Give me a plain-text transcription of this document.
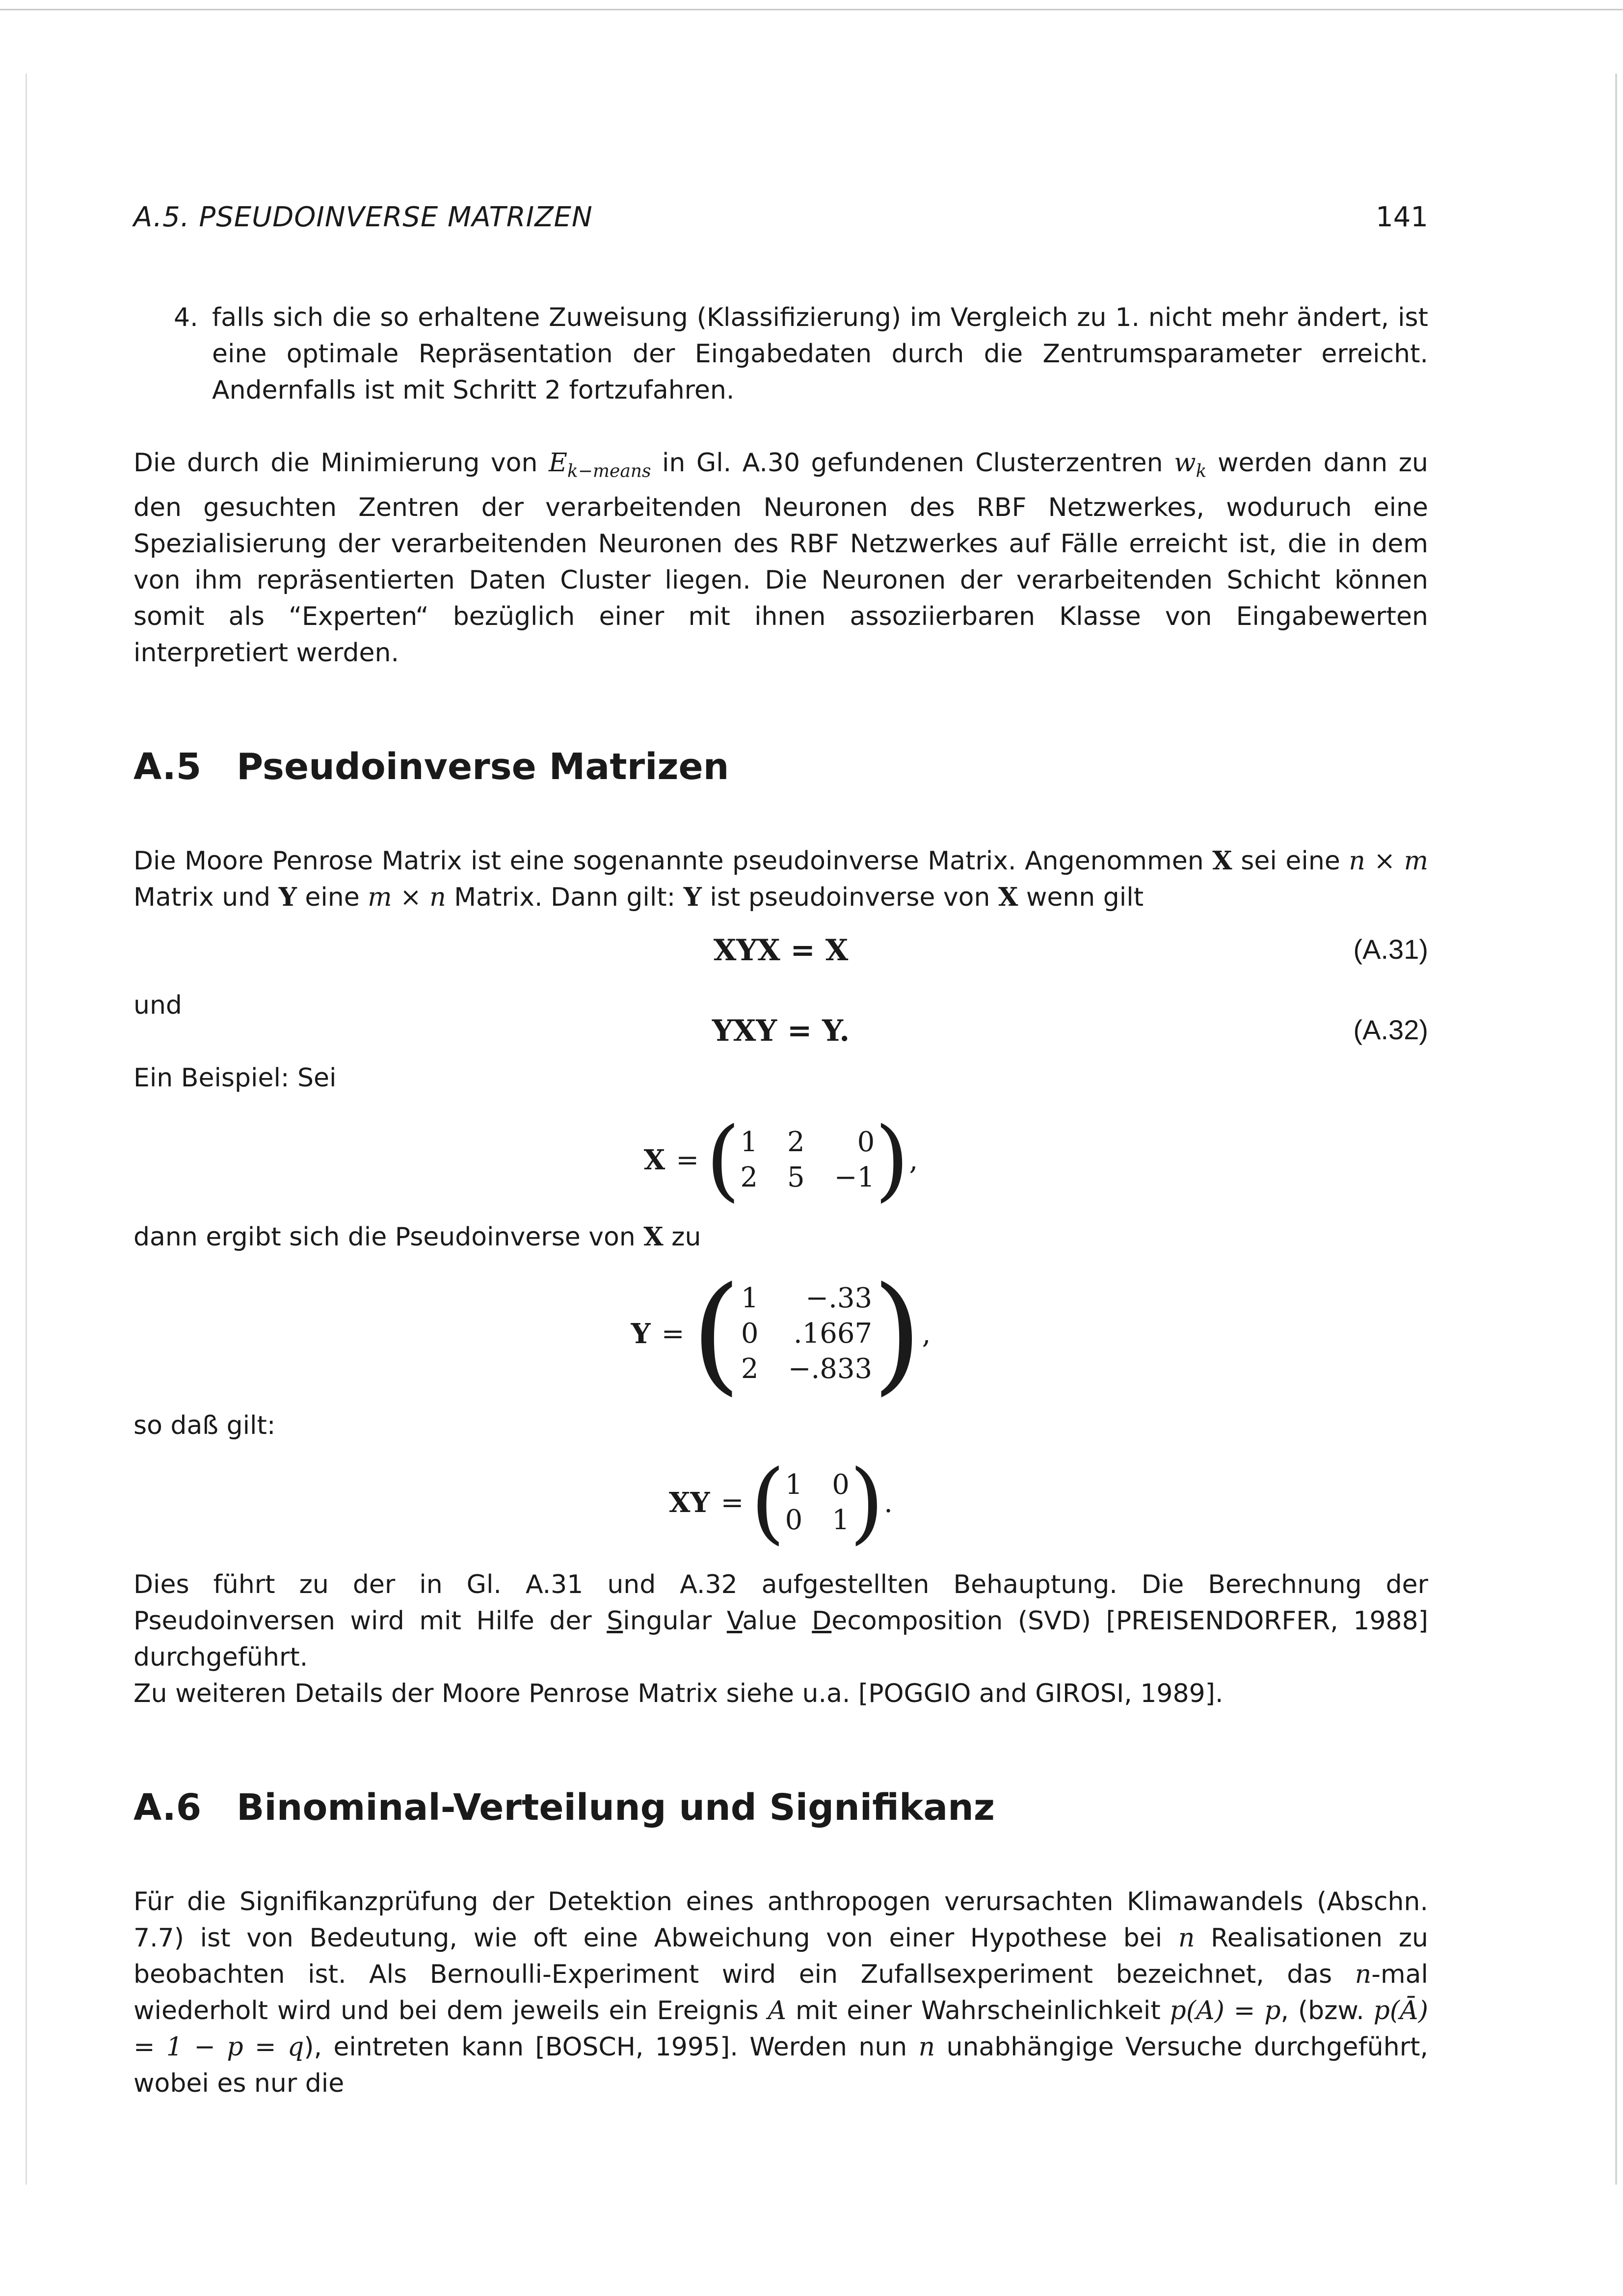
A.5. PSEUDOINVERSE MATRIZEN	141
4. falls sich die so erhaltene Zuweisung (Klassifizierung) im Vergleich zu 1. nicht mehr ändert, ist eine optimale Repräsentation der Eingabedaten durch die Zentrumsparameter erreicht. Andernfalls ist mit Schritt 2 fortzufahren.

Die durch die Minimierung von $E_{k-means}$ in Gl. A.30 gefundenen Clusterzentren $w_k$ werden dann zu den gesuchten Zentren der verarbeitenden Neuronen des RBF Netzwerkes, woduruch eine Spezialisierung der verarbeitenden Neuronen des RBF Netzwerkes auf Fälle erreicht ist, die in dem von ihm repräsentierten Daten Cluster liegen. Die Neuronen der verarbeitenden Schicht können somit als “Experten“ bezüglich einer mit ihnen assoziierbaren Klasse von Eingabewerten interpretiert werden.

A.5 Pseudoinverse Matrizen

Die Moore Penrose Matrix ist eine sogenannte pseudoinverse Matrix. Angenommen X sei eine n × m Matrix und Y eine m × n Matrix. Dann gilt: Y ist pseudoinverse von X wenn gilt

XYX = X	(A.31)

und

YXY = Y.	(A.32)

Ein Beispiel: Sei

X = ( 1 2	0
2 5 −1 ) ,

dann ergibt sich die Pseudoinverse von X zu

Y = ( 1	−.33
0 .1667
2 −.833 ) ,

so daß gilt:

XY = ( 1 0
0 1 ) .

Dies führt zu der in Gl. A.31 und A.32 aufgestellten Behauptung. Die Berechnung der Pseudoinversen wird mit Hilfe der Singular Value Decomposition (SVD) [PREISENDORFER, 1988] durchgeführt.

Zu weiteren Details der Moore Penrose Matrix siehe u.a. [POGGIO and GIROSI, 1989].

A.6 Binominal-Verteilung und Signifikanz

Für die Signifikanzprüfung der Detektion eines anthropogen verursachten Klimawandels (Abschn. 7.7) ist von Bedeutung, wie oft eine Abweichung von einer Hypothese bei n Realisationen zu beobachten ist. Als Bernoulli-Experiment wird ein Zufallsexperiment bezeichnet, das n-mal wiederholt wird und bei dem jeweils ein Ereignis A mit einer Wahrscheinlichkeit p(A) = p, (bzw. p(Ā) = 1 − p = q), eintreten kann [BOSCH, 1995]. Werden nun n unabhängige Versuche durchgeführt, wobei es nur die
